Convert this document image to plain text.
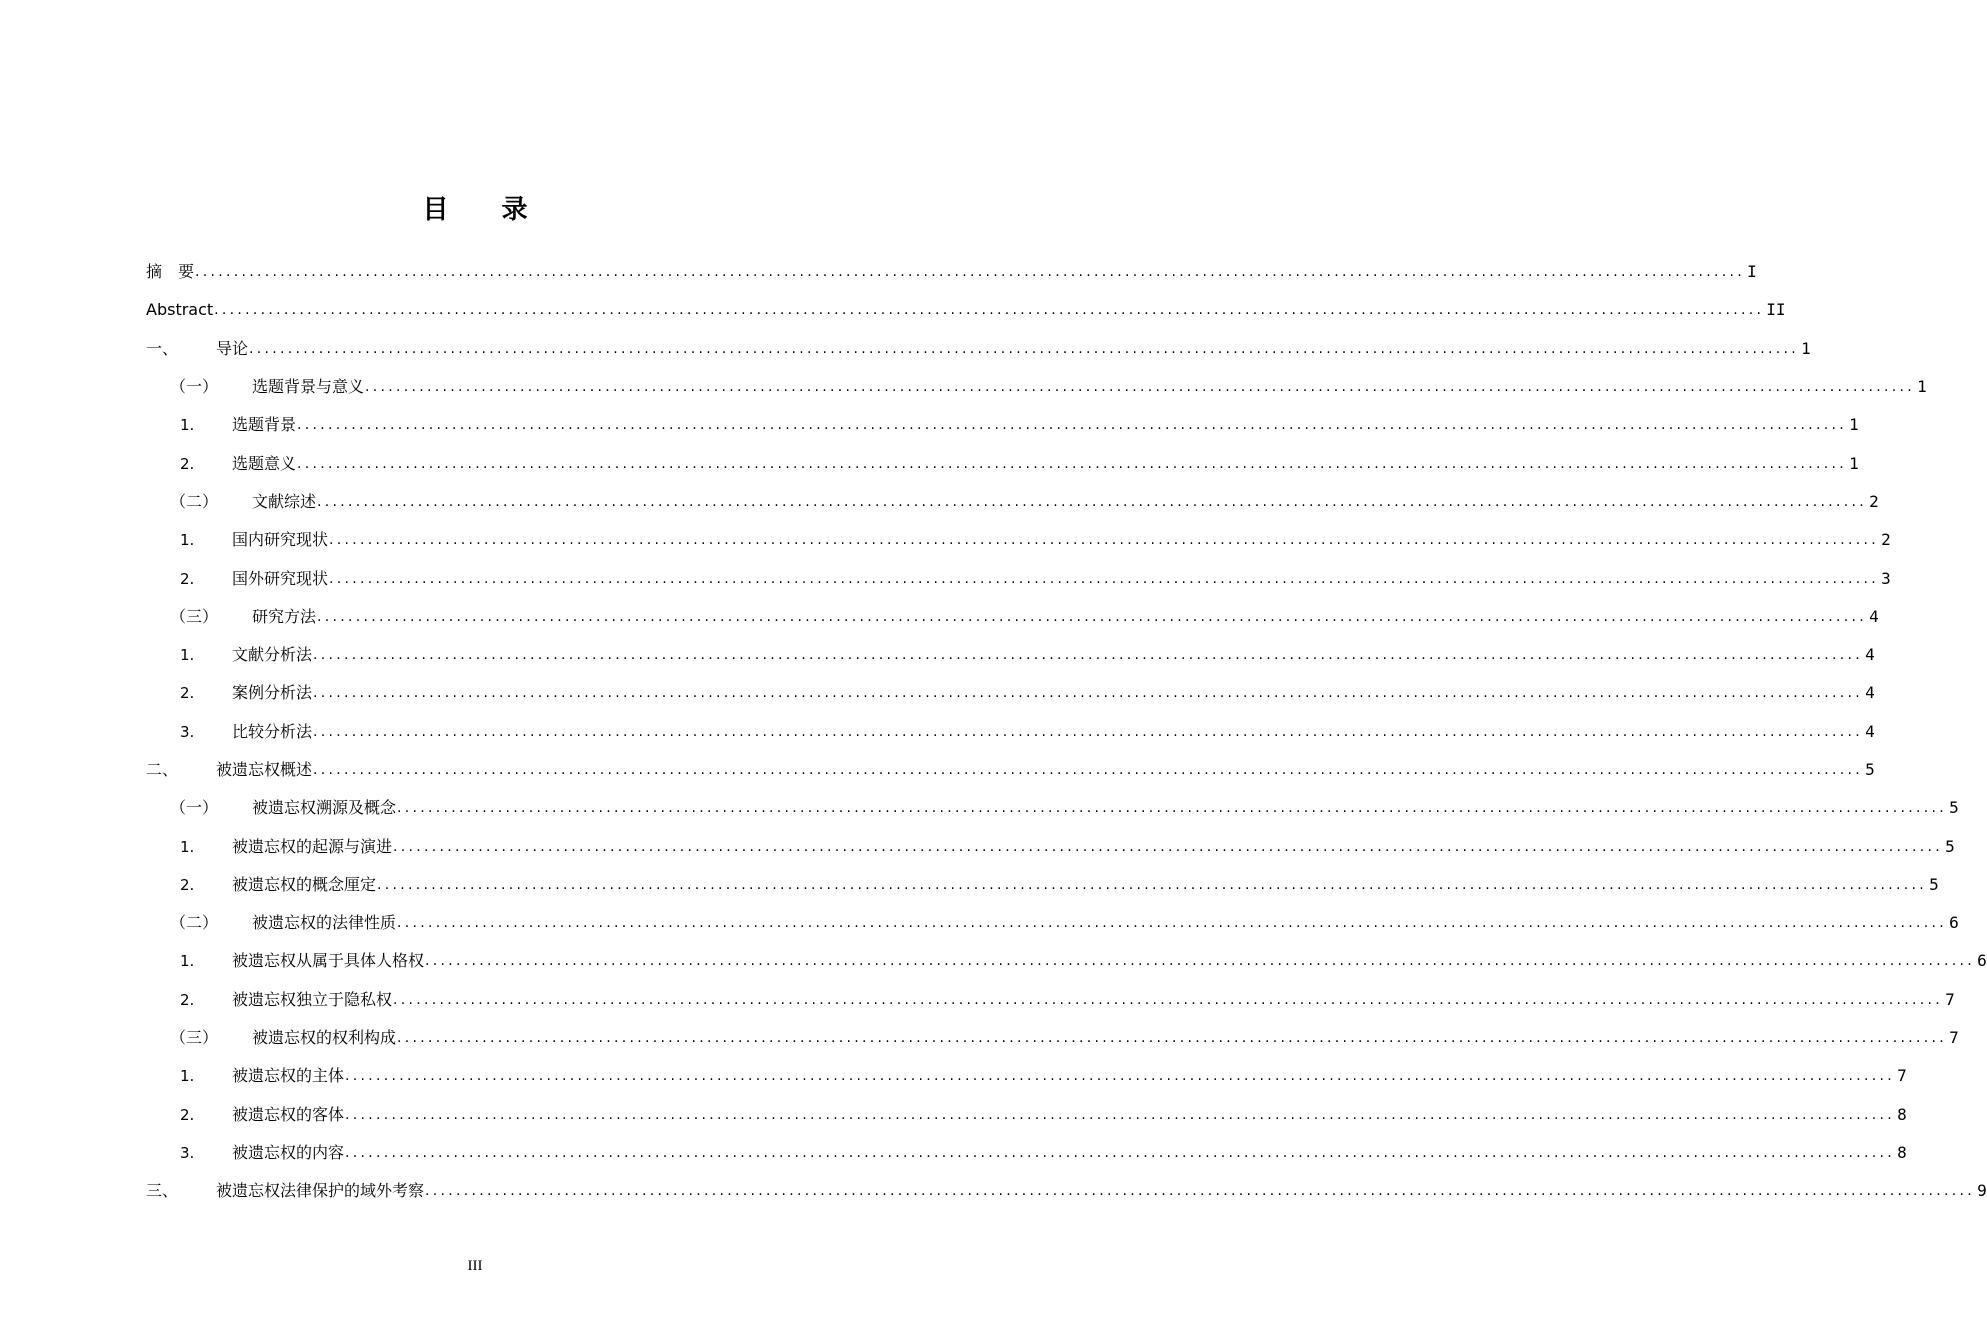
目 录
摘　要 ........................................................................................................................................................................................................ I
Abstract ........................................................................................................................................................................................................ II
一、	导论 ........................................................................................................................................................................................................ 1
（一）	选题背景与意义 ........................................................................................................................................................................................................ 1
1.	选题背景 ........................................................................................................................................................................................................ 1
2.	选题意义 ........................................................................................................................................................................................................ 1
（二）	文献综述 ........................................................................................................................................................................................................ 2
1.	国内研究现状 ........................................................................................................................................................................................................ 2
2.	国外研究现状 ........................................................................................................................................................................................................ 3
（三）	研究方法 ........................................................................................................................................................................................................ 4
1.	文献分析法 ........................................................................................................................................................................................................ 4
2.	案例分析法 ........................................................................................................................................................................................................ 4
3.	比较分析法 ........................................................................................................................................................................................................ 4
二、	被遗忘权概述 ........................................................................................................................................................................................................ 5
（一）	被遗忘权溯源及概念 ........................................................................................................................................................................................................ 5
1.	被遗忘权的起源与演进 ........................................................................................................................................................................................................ 5
2.	被遗忘权的概念厘定 ........................................................................................................................................................................................................ 5
（二）	被遗忘权的法律性质 ........................................................................................................................................................................................................ 6
1.	被遗忘权从属于具体人格权 ........................................................................................................................................................................................................ 6
2.	被遗忘权独立于隐私权 ........................................................................................................................................................................................................ 7
（三）	被遗忘权的权利构成 ........................................................................................................................................................................................................ 7
1.	被遗忘权的主体 ........................................................................................................................................................................................................ 7
2.	被遗忘权的客体 ........................................................................................................................................................................................................ 8
3.	被遗忘权的内容 ........................................................................................................................................................................................................ 8
三、	被遗忘权法律保护的域外考察 ........................................................................................................................................................................................................ 9
III
